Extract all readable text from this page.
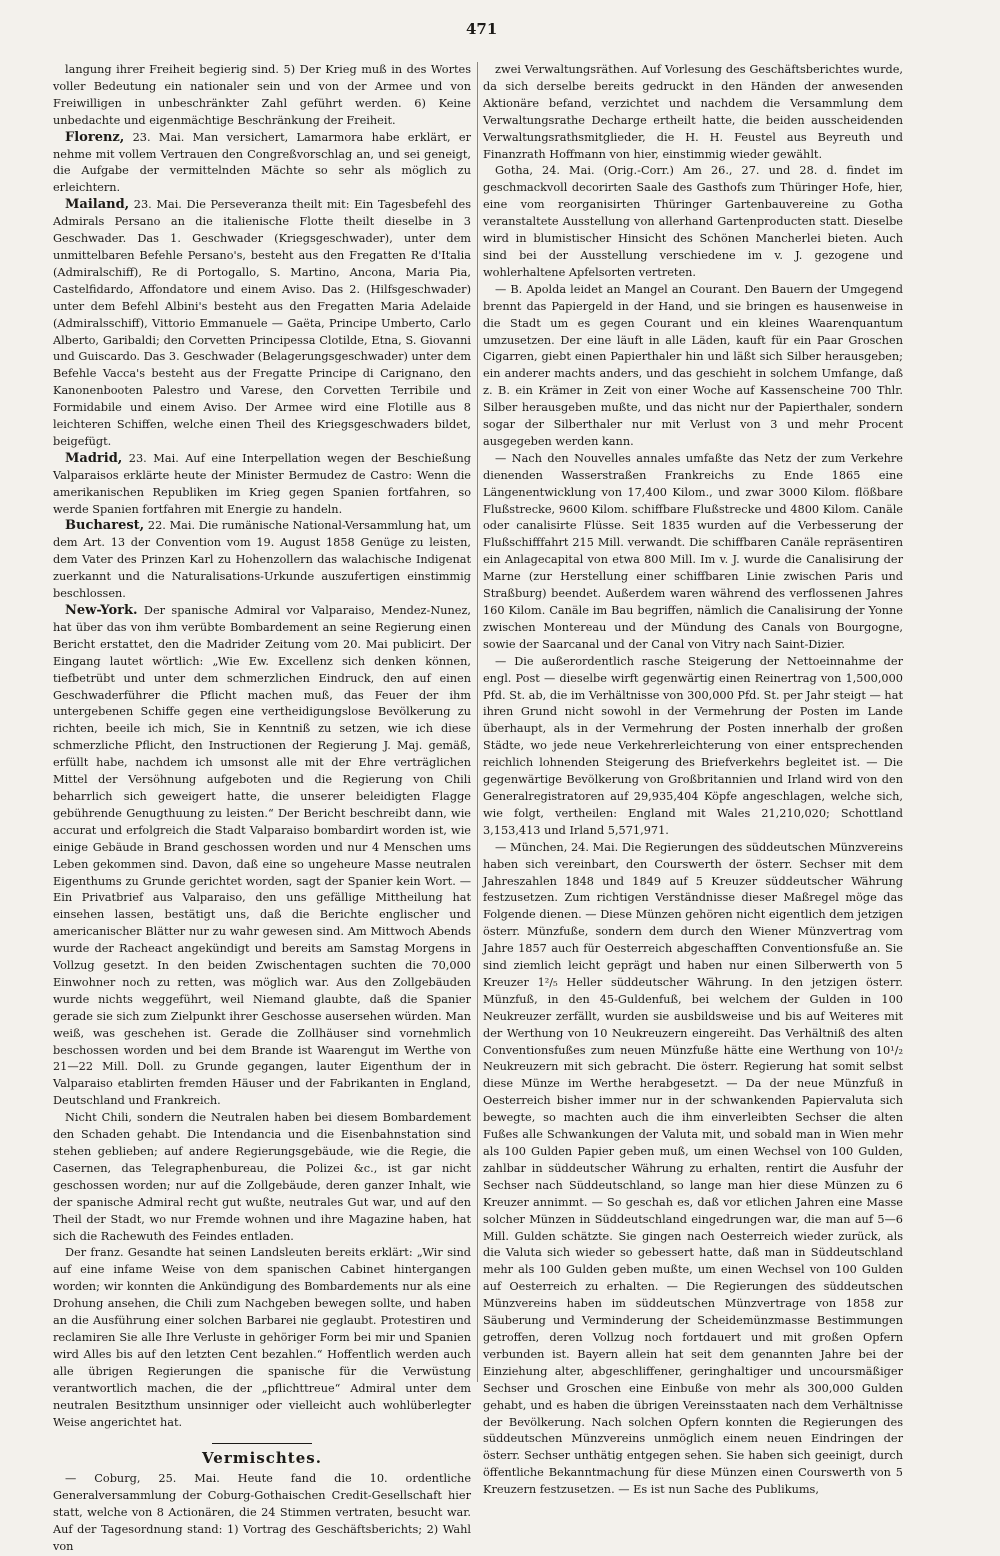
471

langung ihrer Freiheit begierig sind. 5) Der Krieg muß in des Wortes voller Bedeutung ein nationaler sein und von der Armee und von Freiwilligen in unbeschränkter Zahl geführt werden. 6) Keine unbedachte und eigenmächtige Beschränkung der Freiheit.

Florenz, 23. Mai. Man versichert, Lamarmora habe erklärt, er nehme mit vollem Vertrauen den Congreßvorschlag an, und sei geneigt, die Aufgabe der vermittelnden Mächte so sehr als möglich zu erleichtern.

Mailand, 23. Mai. Die Perseveranza theilt mit: Ein Tagesbefehl des Admirals Persano an die italienische Flotte theilt dieselbe in 3 Geschwader. Das 1. Geschwader (Kriegsgeschwader), unter dem unmittelbaren Befehle Persano's, besteht aus den Fregatten Re d'Italia (Admiralschiff), Re di Portogallo, S. Martino, Ancona, Maria Pia, Castelfidardo, Affondatore und einem Aviso. Das 2. (Hilfsgeschwader) unter dem Befehl Albini's besteht aus den Fregatten Maria Adelaide (Admiralsschiff), Vittorio Emmanuele — Gaëta, Principe Umberto, Carlo Alberto, Garibaldi; den Corvetten Principessa Clotilde, Etna, S. Giovanni und Guiscardo. Das 3. Geschwader (Belagerungsgeschwader) unter dem Befehle Vacca's besteht aus der Fregatte Principe di Carignano, den Kanonenbooten Palestro und Varese, den Corvetten Terribile und Formidabile und einem Aviso. Der Armee wird eine Flotille aus 8 leichteren Schiffen, welche einen Theil des Kriegsgeschwaders bildet, beigefügt.

Madrid, 23. Mai. Auf eine Interpellation wegen der Beschießung Valparaisos erklärte heute der Minister Bermudez de Castro: Wenn die amerikanischen Republiken im Krieg gegen Spanien fortfahren, so werde Spanien fortfahren mit Energie zu handeln.

Bucharest, 22. Mai. Die rumänische National-Versammlung hat, um dem Art. 13 der Convention vom 19. August 1858 Genüge zu leisten, dem Vater des Prinzen Karl zu Hohenzollern das walachische Indigenat zuerkannt und die Naturalisations-Urkunde auszufertigen einstimmig beschlossen.

New-York. Der spanische Admiral vor Valparaiso, Mendez-Nunez, hat über das von ihm verübte Bombardement an seine Regierung einen Bericht erstattet, den die Madrider Zeitung vom 20. Mai publicirt. Der Eingang lautet wörtlich: „Wie Ew. Excellenz sich denken können, tiefbetrübt und unter dem schmerzlichen Eindruck, den auf einen Geschwaderführer die Pflicht machen muß, das Feuer der ihm untergebenen Schiffe gegen eine vertheidigungslose Bevölkerung zu richten, beeile ich mich, Sie in Kenntniß zu setzen, wie ich diese schmerzliche Pflicht, den Instructionen der Regierung J. Maj. gemäß, erfüllt habe, nachdem ich umsonst alle mit der Ehre verträglichen Mittel der Versöhnung aufgeboten und die Regierung von Chili beharrlich sich geweigert hatte, die unserer beleidigten Flagge gebührende Genugthuung zu leisten.“ Der Bericht beschreibt dann, wie accurat und erfolgreich die Stadt Valparaiso bombardirt worden ist, wie einige Gebäude in Brand geschossen worden und nur 4 Menschen ums Leben gekommen sind. Davon, daß eine so ungeheure Masse neutralen Eigenthums zu Grunde gerichtet worden, sagt der Spanier kein Wort. — Ein Privatbrief aus Valparaiso, den uns gefällige Mittheilung hat einsehen lassen, bestätigt uns, daß die Berichte englischer und americanischer Blätter nur zu wahr gewesen sind. Am Mittwoch Abends wurde der Racheact angekündigt und bereits am Samstag Morgens in Vollzug gesetzt. In den beiden Zwischentagen suchten die 70,000 Einwohner noch zu retten, was möglich war. Aus den Zollgebäuden wurde nichts weggeführt, weil Niemand glaubte, daß die Spanier gerade sie sich zum Zielpunkt ihrer Geschosse ausersehen würden. Man weiß, was geschehen ist. Gerade die Zollhäuser sind vornehmlich beschossen worden und bei dem Brande ist Waarengut im Werthe von 21—22 Mill. Doll. zu Grunde gegangen, lauter Eigenthum der in Valparaiso etablirten fremden Häuser und der Fabrikanten in England, Deutschland und Frankreich.

Nicht Chili, sondern die Neutralen haben bei diesem Bombardement den Schaden gehabt. Die Intendancia und die Eisenbahnstation sind stehen geblieben; auf andere Regierungsgebäude, wie die Regie, die Casernen, das Telegraphenbureau, die Polizei &c., ist gar nicht geschossen worden; nur auf die Zollgebäude, deren ganzer Inhalt, wie der spanische Admiral recht gut wußte, neutrales Gut war, und auf den Theil der Stadt, wo nur Fremde wohnen und ihre Magazine haben, hat sich die Rachewuth des Feindes entladen.

Der franz. Gesandte hat seinen Landsleuten bereits erklärt: „Wir sind auf eine infame Weise von dem spanischen Cabinet hintergangen worden; wir konnten die Ankündigung des Bombardements nur als eine Drohung ansehen, die Chili zum Nachgeben bewegen sollte, und haben an die Ausführung einer solchen Barbarei nie geglaubt. Protestiren und reclamiren Sie alle Ihre Verluste in gehöriger Form bei mir und Spanien wird Alles bis auf den letzten Cent bezahlen.“ Hoffentlich werden auch alle übrigen Regierungen die spanische für die Verwüstung verantwortlich machen, die der „pflichttreue“ Admiral unter dem neutralen Besitzthum unsinniger oder vielleicht auch wohlüberlegter Weise angerichtet hat.

Vermischtes.

— Coburg, 25. Mai. Heute fand die 10. ordentliche Generalversammlung der Coburg-Gothaischen Credit-Gesellschaft hier statt, welche von 8 Actionären, die 24 Stimmen vertraten, besucht war. Auf der Tagesordnung stand: 1) Vortrag des Geschäftsberichts; 2) Wahl von

zwei Verwaltungsräthen. Auf Vorlesung des Geschäftsberichtes wurde, da sich derselbe bereits gedruckt in den Händen der anwesenden Aktionäre befand, verzichtet und nachdem die Versammlung dem Verwaltungsrathe Decharge ertheilt hatte, die beiden ausscheidenden Verwaltungsrathsmitglieder, die H. H. Feustel aus Beyreuth und Finanzrath Hoffmann von hier, einstimmig wieder gewählt.

Gotha, 24. Mai. (Orig.-Corr.) Am 26., 27. und 28. d. findet im geschmackvoll decorirten Saale des Gasthofs zum Thüringer Hofe, hier, eine vom reorganisirten Thüringer Gartenbauvereine zu Gotha veranstaltete Ausstellung von allerhand Gartenproducten statt. Dieselbe wird in blumistischer Hinsicht des Schönen Mancherlei bieten. Auch sind bei der Ausstellung verschiedene im v. J. gezogene und wohlerhaltene Apfelsorten vertreten.

— B. Apolda leidet an Mangel an Courant. Den Bauern der Umgegend brennt das Papiergeld in der Hand, und sie bringen es hausenweise in die Stadt um es gegen Courant und ein kleines Waarenquantum umzusetzen. Der eine läuft in alle Läden, kauft für ein Paar Groschen Cigarren, giebt einen Papierthaler hin und läßt sich Silber herausgeben; ein anderer machts anders, und das geschieht in solchem Umfange, daß z. B. ein Krämer in Zeit von einer Woche auf Kassenscheine 700 Thlr. Silber herausgeben mußte, und das nicht nur der Papierthaler, sondern sogar der Silberthaler nur mit Verlust von 3 und mehr Procent ausgegeben werden kann.

— Nach den Nouvelles annales umfaßte das Netz der zum Verkehre dienenden Wasserstraßen Frankreichs zu Ende 1865 eine Längenentwicklung von 17,400 Kilom., und zwar 3000 Kilom. flößbare Flußstrecke, 9600 Kilom. schiffbare Flußstrecke und 4800 Kilom. Canäle oder canalisirte Flüsse. Seit 1835 wurden auf die Verbesserung der Flußschifffahrt 215 Mill. verwandt. Die schiffbaren Canäle repräsentiren ein Anlagecapital von etwa 800 Mill. Im v. J. wurde die Canalisirung der Marne (zur Herstellung einer schiffbaren Linie zwischen Paris und Straßburg) beendet. Außerdem waren während des verflossenen Jahres 160 Kilom. Canäle im Bau begriffen, nämlich die Canalisirung der Yonne zwischen Montereau und der Mündung des Canals von Bourgogne, sowie der Saarcanal und der Canal von Vitry nach Saint-Dizier.

— Die außerordentlich rasche Steigerung der Nettoeinnahme der engl. Post — dieselbe wirft gegenwärtig einen Reinertrag von 1,500,000 Pfd. St. ab, die im Verhältnisse von 300,000 Pfd. St. per Jahr steigt — hat ihren Grund nicht sowohl in der Vermehrung der Posten im Lande überhaupt, als in der Vermehrung der Posten innerhalb der großen Städte, wo jede neue Verkehrerleichterung von einer entsprechenden reichlich lohnenden Steigerung des Briefverkehrs begleitet ist. — Die gegenwärtige Bevölkerung von Großbritannien und Irland wird von den Generalregistratoren auf 29,935,404 Köpfe angeschlagen, welche sich, wie folgt, vertheilen: England mit Wales 21,210,020; Schottland 3,153,413 und Irland 5,571,971.

— München, 24. Mai. Die Regierungen des süddeutschen Münzvereins haben sich vereinbart, den Courswerth der österr. Sechser mit dem Jahreszahlen 1848 und 1849 auf 5 Kreuzer süddeutscher Währung festzusetzen. Zum richtigen Verständnisse dieser Maßregel möge das Folgende dienen. — Diese Münzen gehören nicht eigentlich dem jetzigen österr. Münzfuße, sondern dem durch den Wiener Münzvertrag vom Jahre 1857 auch für Oesterreich abgeschafften Conventionsfuße an. Sie sind ziemlich leicht geprägt und haben nur einen Silberwerth von 5 Kreuzer 1²/₅ Heller süddeutscher Währung. In den jetzigen österr. Münzfuß, in den 45-Guldenfuß, bei welchem der Gulden in 100 Neukreuzer zerfällt, wurden sie ausbildsweise und bis auf Weiteres mit der Werthung von 10 Neukreuzern eingereiht. Das Verhältniß des alten Conventionsfußes zum neuen Münzfuße hätte eine Werthung von 10¹/₂ Neukreuzern mit sich gebracht. Die österr. Regierung hat somit selbst diese Münze im Werthe herabgesetzt. — Da der neue Münzfuß in Oesterreich bisher immer nur in der schwankenden Papiervaluta sich bewegte, so machten auch die ihm einverleibten Sechser die alten Fußes alle Schwankungen der Valuta mit, und sobald man in Wien mehr als 100 Gulden Papier geben muß, um einen Wechsel von 100 Gulden, zahlbar in süddeutscher Währung zu erhalten, rentirt die Ausfuhr der Sechser nach Süddeutschland, so lange man hier diese Münzen zu 6 Kreuzer annimmt. — So geschah es, daß vor etlichen Jahren eine Masse solcher Münzen in Süddeutschland eingedrungen war, die man auf 5—6 Mill. Gulden schätzte. Sie gingen nach Oesterreich wieder zurück, als die Valuta sich wieder so gebessert hatte, daß man in Süddeutschland mehr als 100 Gulden geben mußte, um einen Wechsel von 100 Gulden auf Oesterreich zu erhalten. — Die Regierungen des süddeutschen Münzvereins haben im süddeutschen Münzvertrage von 1858 zur Säuberung und Verminderung der Scheidemünzmasse Bestimmungen getroffen, deren Vollzug noch fortdauert und mit großen Opfern verbunden ist. Bayern allein hat seit dem genannten Jahre bei der Einziehung alter, abgeschliffener, geringhaltiger und uncoursmäßiger Sechser und Groschen eine Einbuße von mehr als 300,000 Gulden gehabt, und es haben die übrigen Vereinsstaaten nach dem Verhältnisse der Bevölkerung. Nach solchen Opfern konnten die Regierungen des süddeutschen Münzvereins unmöglich einem neuen Eindringen der österr. Sechser unthätig entgegen sehen. Sie haben sich geeinigt, durch öffentliche Bekanntmachung für diese Münzen einen Courswerth von 5 Kreuzern festzusetzen. — Es ist nun Sache des Publikums,
